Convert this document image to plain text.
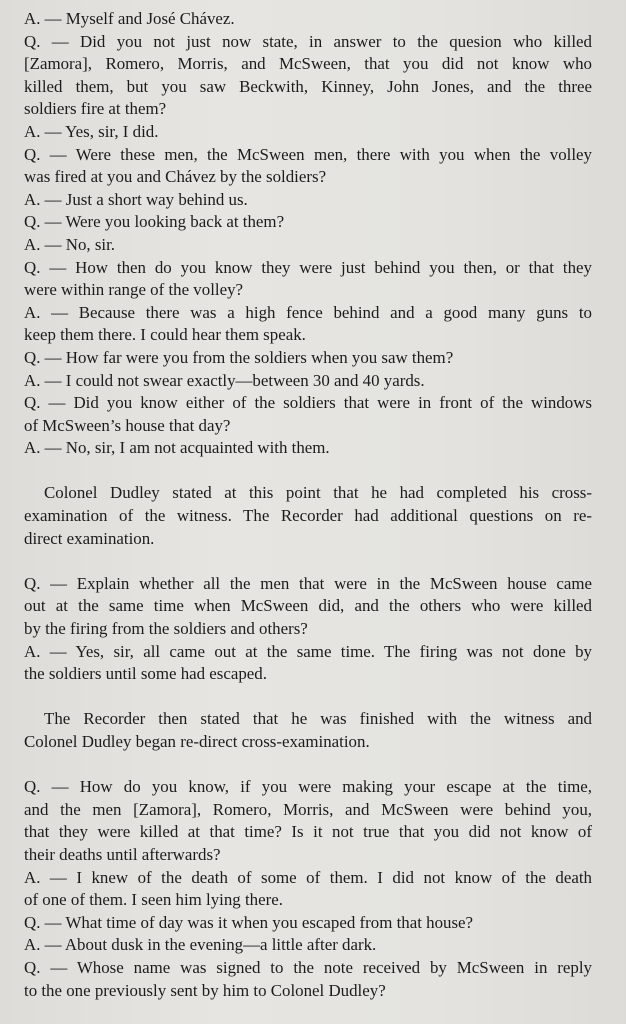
A. — Myself and José Chávez.
Q. — Did you not just now state, in answer to the quesion who killed
[Zamora], Romero, Morris, and McSween, that you did not know who
killed them, but you saw Beckwith, Kinney, John Jones, and the three
soldiers fire at them?
A. — Yes, sir, I did.
Q. — Were these men, the McSween men, there with you when the volley
was fired at you and Chávez by the soldiers?
A. — Just a short way behind us.
Q. — Were you looking back at them?
A. — No, sir.
Q. — How then do you know they were just behind you then, or that they
were within range of the volley?
A. — Because there was a high fence behind and a good many guns to
keep them there. I could hear them speak.
Q. — How far were you from the soldiers when you saw them?
A. — I could not swear exactly—between 30 and 40 yards.
Q. — Did you know either of the soldiers that were in front of the windows
of McSween’s house that day?
A. — No, sir, I am not acquainted with them.
Colonel Dudley stated at this point that he had completed his cross-
examination of the witness. The Recorder had additional questions on re-
direct examination.
Q. — Explain whether all the men that were in the McSween house came
out at the same time when McSween did, and the others who were killed
by the firing from the soldiers and others?
A. — Yes, sir, all came out at the same time. The firing was not done by
the soldiers until some had escaped.
The Recorder then stated that he was finished with the witness and
Colonel Dudley began re-direct cross-examination.
Q. — How do you know, if you were making your escape at the time,
and the men [Zamora], Romero, Morris, and McSween were behind you,
that they were killed at that time? Is it not true that you did not know of
their deaths until afterwards?
A. — I knew of the death of some of them. I did not know of the death
of one of them. I seen him lying there.
Q. — What time of day was it when you escaped from that house?
A. — About dusk in the evening—a little after dark.
Q. — Whose name was signed to the note received by McSween in reply
to the one previously sent by him to Colonel Dudley?
